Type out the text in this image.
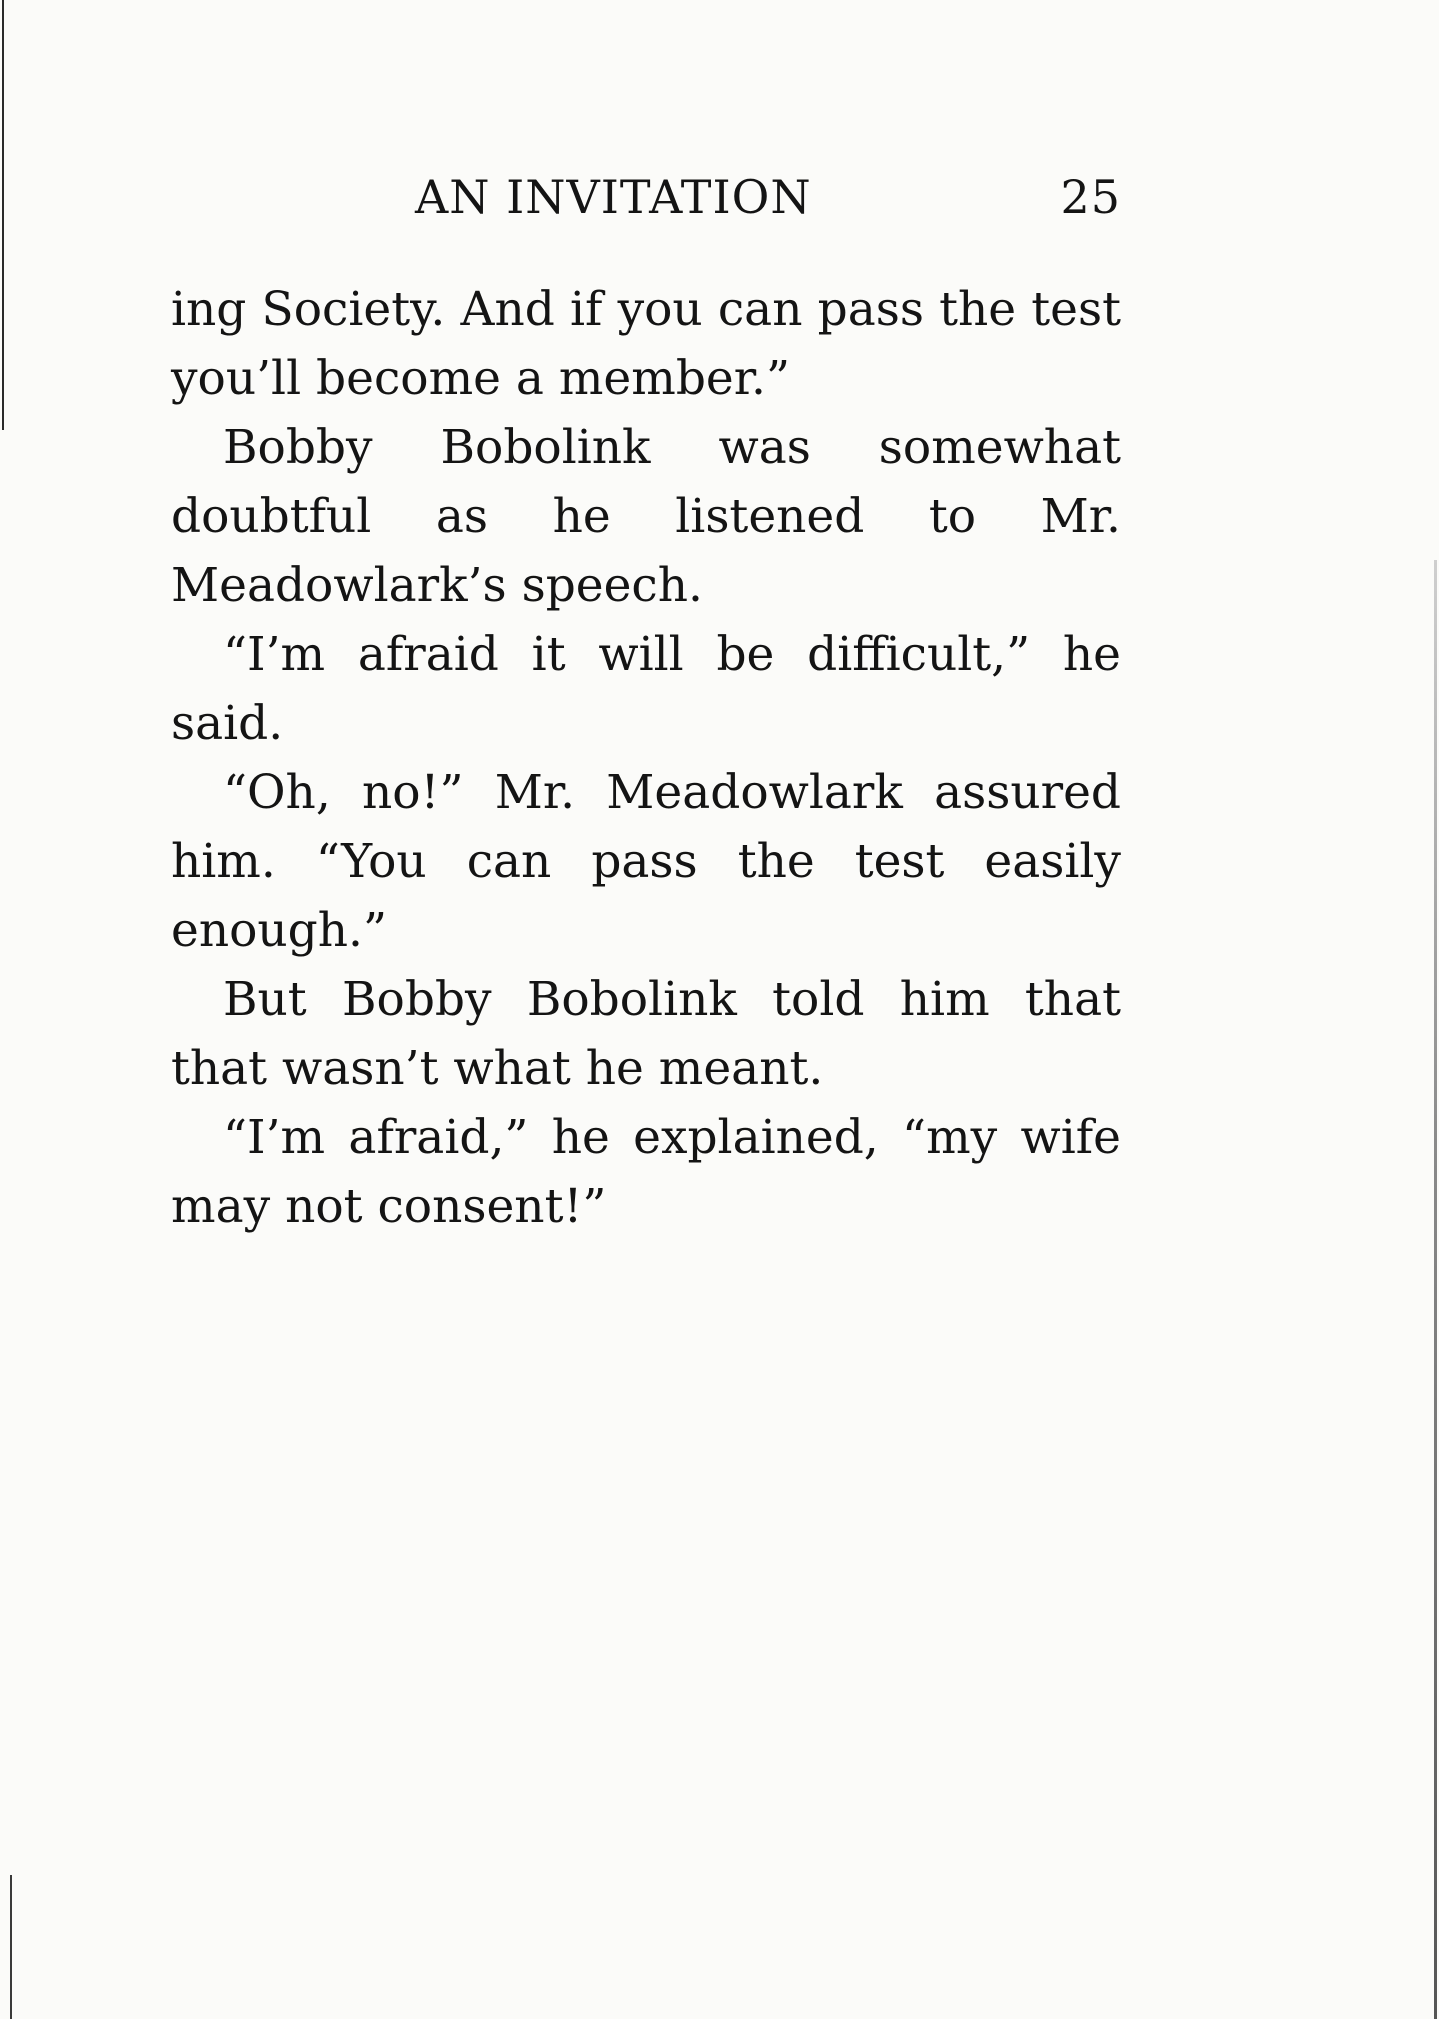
AN INVITATION	25

ing Society. And if you can pass the test you’ll become a member.”

Bobby Bobolink was somewhat doubtful as he listened to Mr. Meadowlark’s speech.

“I’m afraid it will be difficult,” he said.

“Oh, no!” Mr. Meadowlark assured him. “You can pass the test easily enough.”

But Bobby Bobolink told him that that wasn’t what he meant.

“I’m afraid,” he explained, “my wife may not consent!”
